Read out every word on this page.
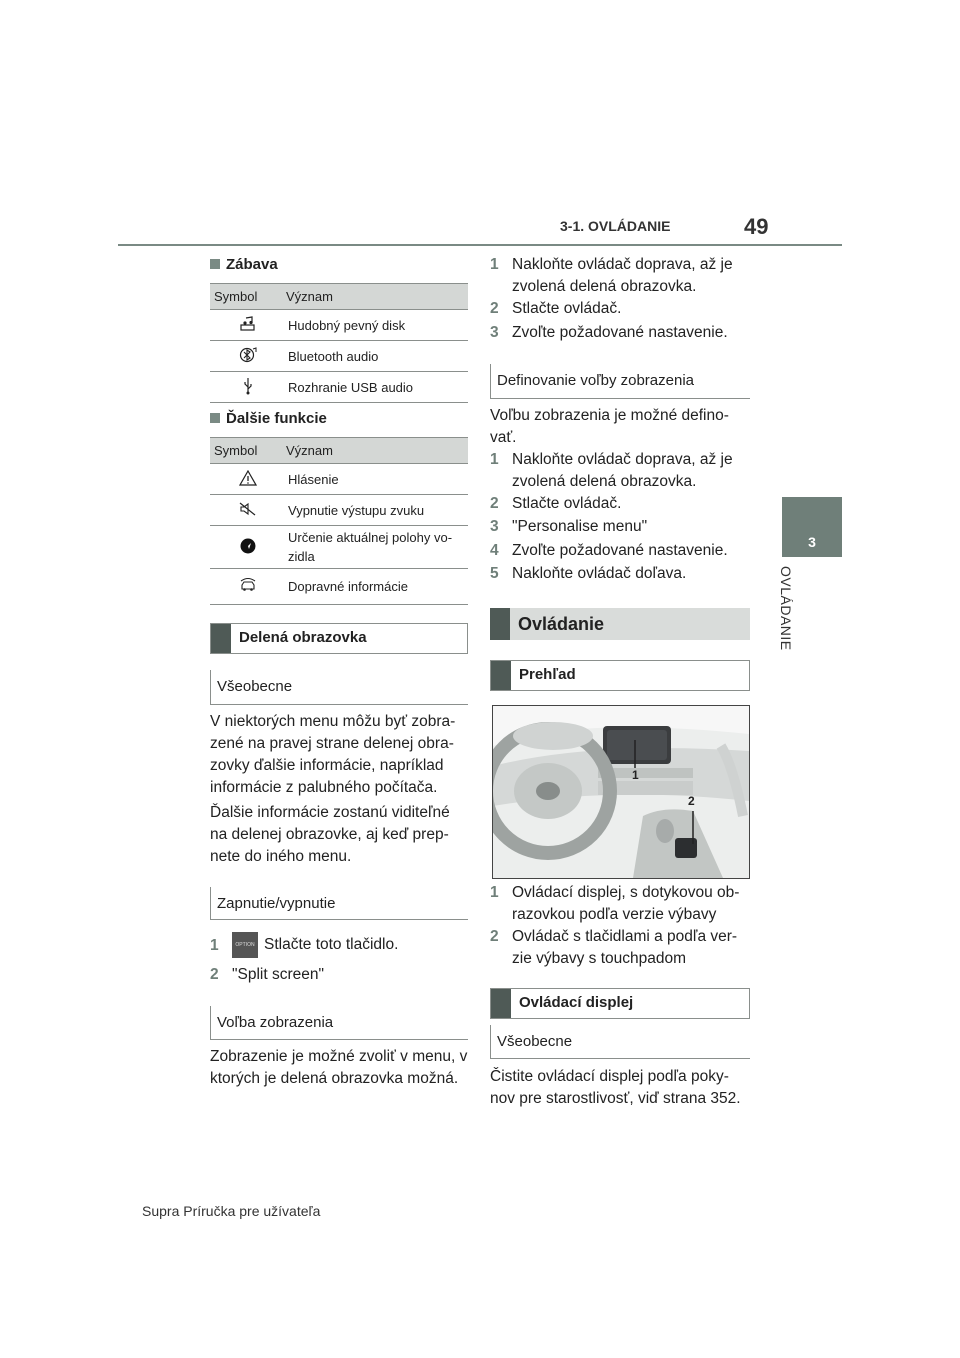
3-1. OVLÁDANIE	49
3
OVLÁDANIE
Zábava
Symbol	Význam
	Hudobný pevný disk
	Bluetooth audio
	Rozhranie USB audio
Ďalšie funkcie
Symbol	Význam
	Hlásenie
	Vypnutie výstupu zvuku
	Určenie aktuálnej polohy vo-zidla
	Dopravné informácie
Delená obrazovka
Všeobecne
V niektorých menu môžu byť zobra-zené na pravej strane delenej obra-zovky ďalšie informácie, napríklad informácie z palubného počítača.
Ďalšie informácie zostanú viditeľné na delenej obrazovke, aj keď prep-nete do iného menu.
Zapnutie/vypnutie
1	OPTION Stlačte toto tlačidlo.
2 "Split screen"
Voľba zobrazenia
Zobrazenie je možné zvoliť v menu, v ktorých je delená obrazovka možná.
1 Nakloňte ovládač doprava, až je zvolená delená obrazovka.
2 Stlačte ovládač.
3 Zvoľte požadované nastavenie.
Definovanie voľby zobrazenia
Voľbu zobrazenia je možné defino-vať.
1 Nakloňte ovládač doprava, až je zvolená delená obrazovka.
2 Stlačte ovládač.
3 "Personalise menu"
4 Zvoľte požadované nastavenie.
5 Nakloňte ovládač doľava.
Ovládanie
Prehľad
1
2
1 Ovládací displej, s dotykovou ob-razovkou podľa verzie výbavy
2 Ovládač s tlačidlami a podľa ver-zie výbavy s touchpadom
Ovládací displej
Všeobecne
Čistite ovládací displej podľa poky-nov pre starostlivosť, viď strana 352.
Supra Príručka pre užívateľa
